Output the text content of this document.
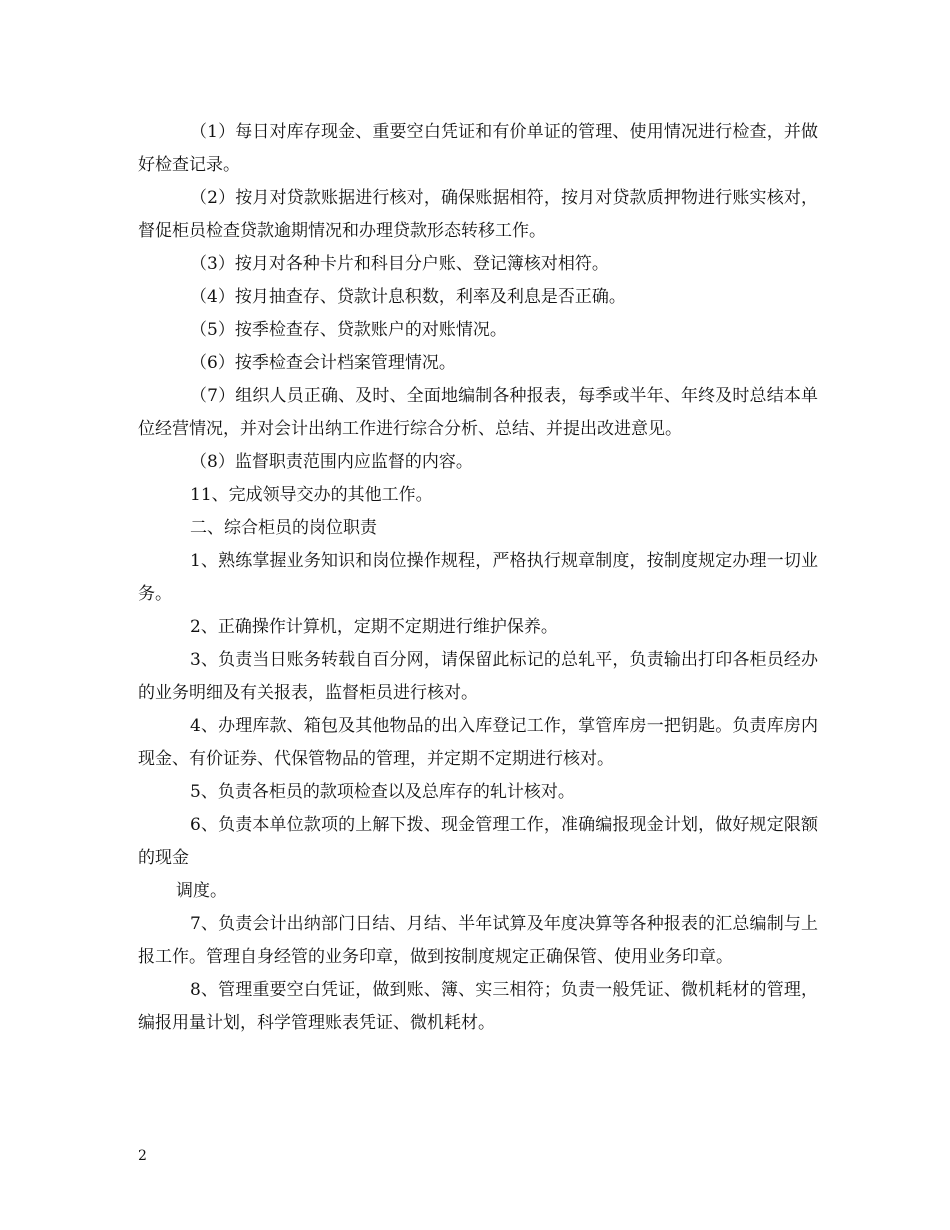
（1）每日对库存现金、重要空白凭证和有价单证的管理、使用情况进行检查，并做好检查记录。

（2）按月对贷款账据进行核对，确保账据相符，按月对贷款质押物进行账实核对，督促柜员检查贷款逾期情况和办理贷款形态转移工作。

（3）按月对各种卡片和科目分户账、登记簿核对相符。

（4）按月抽查存、贷款计息积数，利率及利息是否正确。

（5）按季检查存、贷款账户的对账情况。

（6）按季检查会计档案管理情况。

（7）组织人员正确、及时、全面地编制各种报表，每季或半年、年终及时总结本单位经营情况，并对会计出纳工作进行综合分析、总结、并提出改进意见。

（8）监督职责范围内应监督的内容。

11、完成领导交办的其他工作。

二、综合柜员的岗位职责

1、熟练掌握业务知识和岗位操作规程，严格执行规章制度，按制度规定办理一切业务。

2、正确操作计算机，定期不定期进行维护保养。

3、负责当日账务转载自百分网，请保留此标记的总轧平，负责输出打印各柜员经办的业务明细及有关报表，监督柜员进行核对。

4、办理库款、箱包及其他物品的出入库登记工作，掌管库房一把钥匙。负责库房内现金、有价证券、代保管物品的管理，并定期不定期进行核对。

5、负责各柜员的款项检查以及总库存的轧计核对。

6、负责本单位款项的上解下拨、现金管理工作，准确编报现金计划，做好规定限额的现金

调度。

7、负责会计出纳部门日结、月结、半年试算及年度决算等各种报表的汇总编制与上报工作。管理自身经管的业务印章，做到按制度规定正确保管、使用业务印章。

8、管理重要空白凭证，做到账、簿、实三相符；负责一般凭证、微机耗材的管理，编报用量计划，科学管理账表凭证、微机耗材。

2
